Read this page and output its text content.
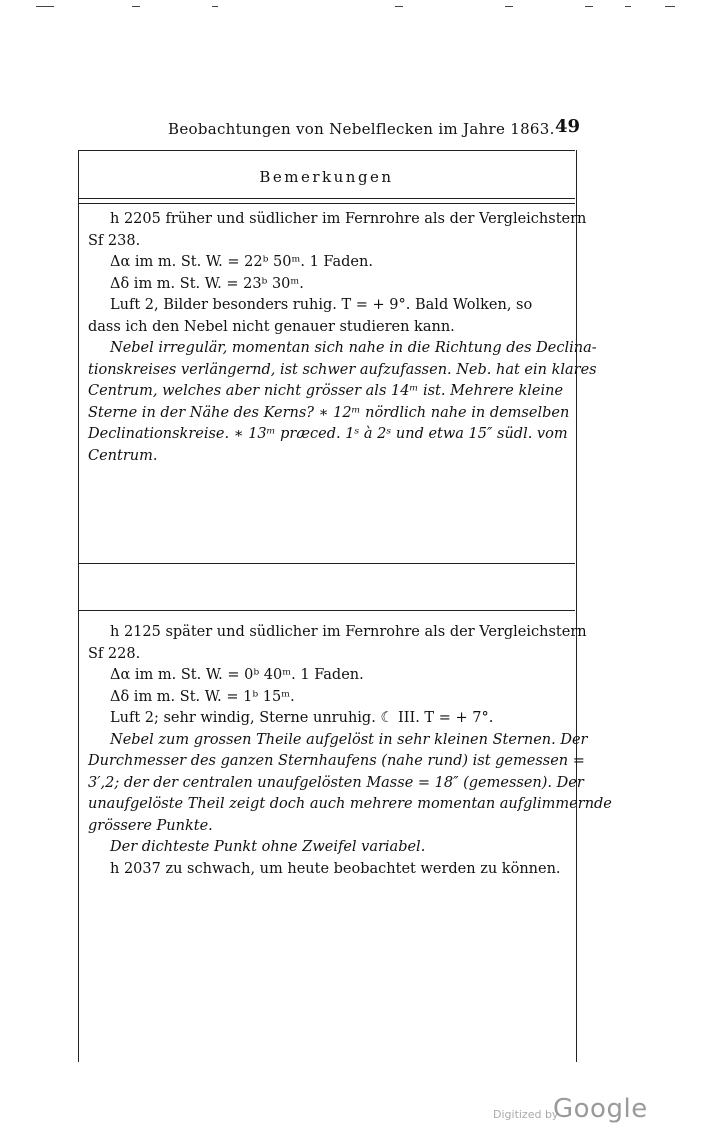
Beobachtungen von Nebelflecken im Jahre 1863. 49
Bemerkungen
h 2205 früher und südlicher im Fernrohre als der Vergleichstern
Sf 238.
Δα im m. St. W. = 22ᵇ 50ᵐ. 1 Faden.
Δδ im m. St. W. = 23ᵇ 30ᵐ.
Luft 2, Bilder besonders ruhig. T = + 9°. Bald Wolken, so
dass ich den Nebel nicht genauer studieren kann.
Nebel irregulär, momentan sich nahe in die Richtung des Declina-
tionskreises verlängernd, ist schwer aufzufassen. Neb. hat ein klares
Centrum, welches aber nicht grösser als 14ᵐ ist. Mehrere kleine
Sterne in der Nähe des Kerns? ∗ 12ᵐ nördlich nahe in demselben
Declinationskreise. ∗ 13ᵐ præced. 1ˢ à 2ˢ und etwa 15″ südl. vom
Centrum.
h 2125 später und südlicher im Fernrohre als der Vergleichstern
Sf 228.
Δα im m. St. W. = 0ᵇ 40ᵐ. 1 Faden.
Δδ im m. St. W. = 1ᵇ 15ᵐ.
Luft 2; sehr windig, Sterne unruhig. ☾ III. T = + 7°.
Nebel zum grossen Theile aufgelöst in sehr kleinen Sternen. Der
Durchmesser des ganzen Sternhaufens (nahe rund) ist gemessen =
3′,2; der der centralen unaufgelösten Masse = 18″ (gemessen). Der
unaufgelöste Theil zeigt doch auch mehrere momentan aufglimmernde
grössere Punkte.
Der dichteste Punkt ohne Zweifel variabel.
h 2037 zu schwach, um heute beobachtet werden zu können.
Digitized by
Google
